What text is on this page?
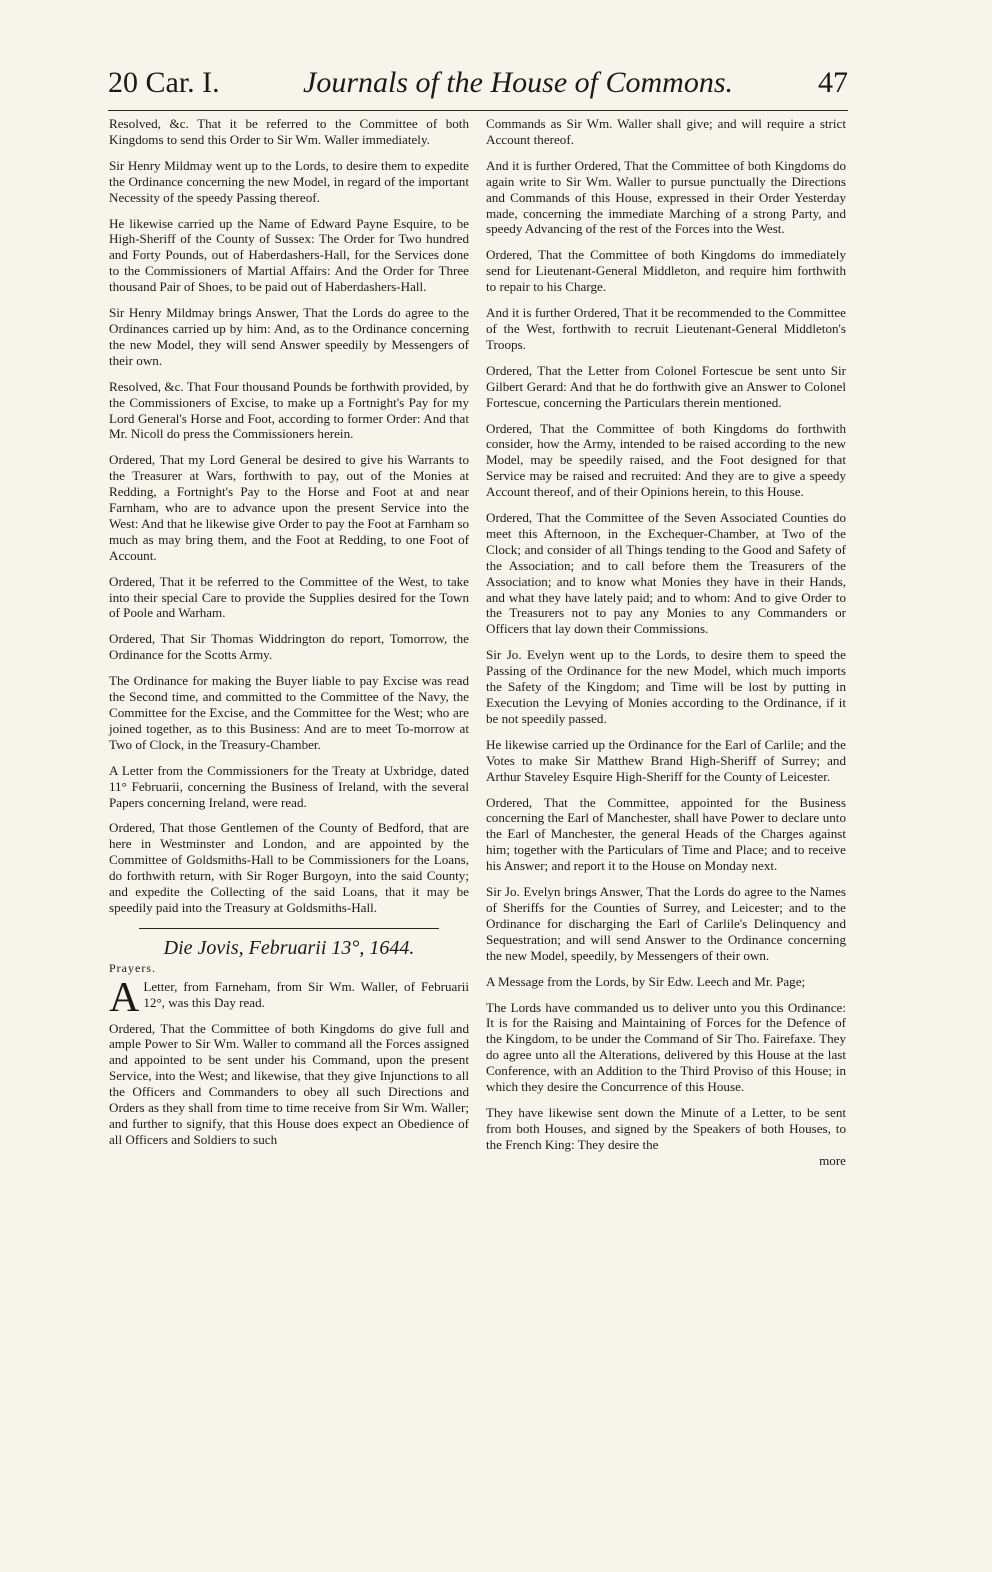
20 Car. I.	Journals of the House of Commons.	47

Resolved, &c. That it be referred to the Committee of both Kingdoms to send this Order to Sir Wm. Waller immediately.

Sir Henry Mildmay went up to the Lords, to desire them to expedite the Ordinance concerning the new Model, in regard of the important Necessity of the speedy Passing thereof.

He likewise carried up the Name of Edward Payne Esquire, to be High-Sheriff of the County of Sussex: The Order for Two hundred and Forty Pounds, out of Haberdashers-Hall, for the Services done to the Commissioners of Martial Affairs: And the Order for Three thousand Pair of Shoes, to be paid out of Haberdashers-Hall.

Sir Henry Mildmay brings Answer, That the Lords do agree to the Ordinances carried up by him: And, as to the Ordinance concerning the new Model, they will send Answer speedily by Messengers of their own.

Resolved, &c. That Four thousand Pounds be forthwith provided, by the Commissioners of Excise, to make up a Fortnight's Pay for my Lord General's Horse and Foot, according to former Order: And that Mr. Nicoll do press the Commissioners herein.

Ordered, That my Lord General be desired to give his Warrants to the Treasurer at Wars, forthwith to pay, out of the Monies at Redding, a Fortnight's Pay to the Horse and Foot at and near Farnham, who are to advance upon the present Service into the West: And that he likewise give Order to pay the Foot at Farnham so much as may bring them, and the Foot at Redding, to one Foot of Account.

Ordered, That it be referred to the Committee of the West, to take into their special Care to provide the Supplies desired for the Town of Poole and Warham.

Ordered, That Sir Thomas Widdrington do report, Tomorrow, the Ordinance for the Scotts Army.

The Ordinance for making the Buyer liable to pay Excise was read the Second time, and committed to the Committee of the Navy, the Committee for the Excise, and the Committee for the West; who are joined together, as to this Business: And are to meet To-morrow at Two of Clock, in the Treasury-Chamber.

A Letter from the Commissioners for the Treaty at Uxbridge, dated 11° Februarii, concerning the Business of Ireland, with the several Papers concerning Ireland, were read.

Ordered, That those Gentlemen of the County of Bedford, that are here in Westminster and London, and are appointed by the Committee of Goldsmiths-Hall to be Commissioners for the Loans, do forthwith return, with Sir Roger Burgoyn, into the said County; and expedite the Collecting of the said Loans, that it may be speedily paid into the Treasury at Goldsmiths-Hall.

Die Jovis, Februarii 13°, 1644.
Prayers.

A Letter, from Farneham, from Sir Wm. Waller, of Februarii 12°, was this Day read.

Ordered, That the Committee of both Kingdoms do give full and ample Power to Sir Wm. Waller to command all the Forces assigned and appointed to be sent under his Command, upon the present Service, into the West; and likewise, that they give Injunctions to all the Officers and Commanders to obey all such Directions and Orders as they shall from time to time receive from Sir Wm. Waller; and further to signify, that this House does expect an Obedience of all Officers and Soldiers to such

Commands as Sir Wm. Waller shall give; and will require a strict Account thereof.

And it is further Ordered, That the Committee of both Kingdoms do again write to Sir Wm. Waller to pursue punctually the Directions and Commands of this House, expressed in their Order Yesterday made, concerning the immediate Marching of a strong Party, and speedy Advancing of the rest of the Forces into the West.

Ordered, That the Committee of both Kingdoms do immediately send for Lieutenant-General Middleton, and require him forthwith to repair to his Charge.

And it is further Ordered, That it be recommended to the Committee of the West, forthwith to recruit Lieutenant-General Middleton's Troops.

Ordered, That the Letter from Colonel Fortescue be sent unto Sir Gilbert Gerard: And that he do forthwith give an Answer to Colonel Fortescue, concerning the Particulars therein mentioned.

Ordered, That the Committee of both Kingdoms do forthwith consider, how the Army, intended to be raised according to the new Model, may be speedily raised, and the Foot designed for that Service may be raised and recruited: And they are to give a speedy Account thereof, and of their Opinions herein, to this House.

Ordered, That the Committee of the Seven Associated Counties do meet this Afternoon, in the Exchequer-Chamber, at Two of the Clock; and consider of all Things tending to the Good and Safety of the Association; and to call before them the Treasurers of the Association; and to know what Monies they have in their Hands, and what they have lately paid; and to whom: And to give Order to the Treasurers not to pay any Monies to any Commanders or Officers that lay down their Commissions.

Sir Jo. Evelyn went up to the Lords, to desire them to speed the Passing of the Ordinance for the new Model, which much imports the Safety of the Kingdom; and Time will be lost by putting in Execution the Levying of Monies according to the Ordinance, if it be not speedily passed.

He likewise carried up the Ordinance for the Earl of Carlile; and the Votes to make Sir Matthew Brand High-Sheriff of Surrey; and Arthur Staveley Esquire High-Sheriff for the County of Leicester.

Ordered, That the Committee, appointed for the Business concerning the Earl of Manchester, shall have Power to declare unto the Earl of Manchester, the general Heads of the Charges against him; together with the Particulars of Time and Place; and to receive his Answer; and report it to the House on Monday next.

Sir Jo. Evelyn brings Answer, That the Lords do agree to the Names of Sheriffs for the Counties of Surrey, and Leicester; and to the Ordinance for discharging the Earl of Carlile's Delinquency and Sequestration; and will send Answer to the Ordinance concerning the new Model, speedily, by Messengers of their own.

A Message from the Lords, by Sir Edw. Leech and Mr. Page;

The Lords have commanded us to deliver unto you this Ordinance: It is for the Raising and Maintaining of Forces for the Defence of the Kingdom, to be under the Command of Sir Tho. Fairefaxe. They do agree unto all the Alterations, delivered by this House at the last Conference, with an Addition to the Third Proviso of this House; in which they desire the Concurrence of this House.

They have likewise sent down the Minute of a Letter, to be sent from both Houses, and signed by the Speakers of both Houses, to the French King: They desire the

more
